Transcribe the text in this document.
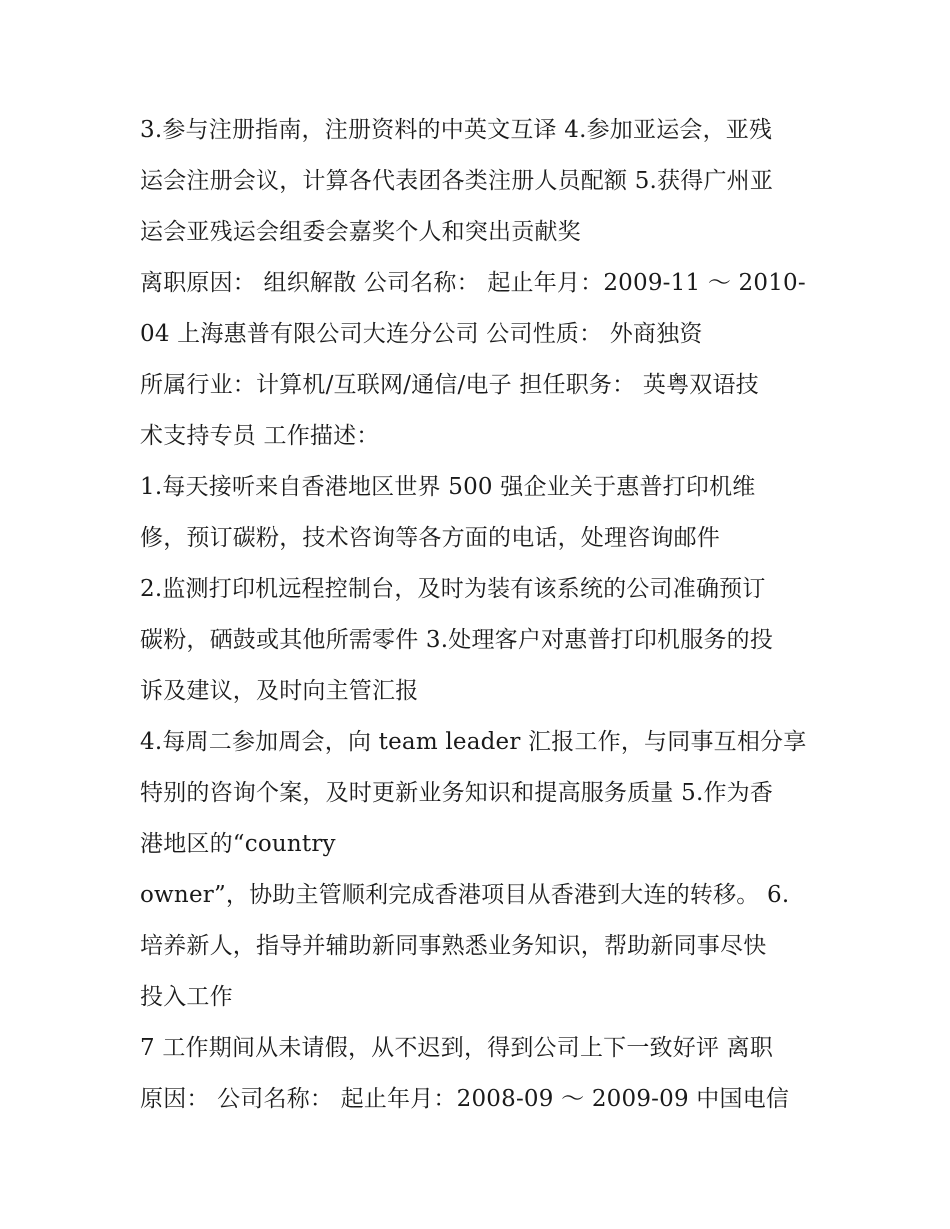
3.参与注册指南，注册资料的中英文互译 4.参加亚运会，亚残
运会注册会议，计算各代表团各类注册人员配额 5.获得广州亚
运会亚残运会组委会嘉奖个人和突出贡献奖
离职原因： 组织解散 公司名称： 起止年月：2009-11 ～ 2010-
04 上海惠普有限公司大连分公司 公司性质： 外商独资
所属行业：计算机/互联网/通信/电子 担任职务： 英粤双语技
术支持专员 工作描述：
1.每天接听来自香港地区世界 500 强企业关于惠普打印机维
修，预订碳粉，技术咨询等各方面的电话，处理咨询邮件
2.监测打印机远程控制台，及时为装有该系统的公司准确预订
碳粉，硒鼓或其他所需零件 3.处理客户对惠普打印机服务的投
诉及建议，及时向主管汇报
4.每周二参加周会，向 team leader 汇报工作，与同事互相分享
特别的咨询个案，及时更新业务知识和提高服务质量 5.作为香
港地区的“country
owner”，协助主管顺利完成香港项目从香港到大连的转移。 6.
培养新人，指导并辅助新同事熟悉业务知识，帮助新同事尽快
投入工作
7 工作期间从未请假，从不迟到，得到公司上下一致好评 离职
原因： 公司名称： 起止年月：2008-09 ～ 2009-09 中国电信
